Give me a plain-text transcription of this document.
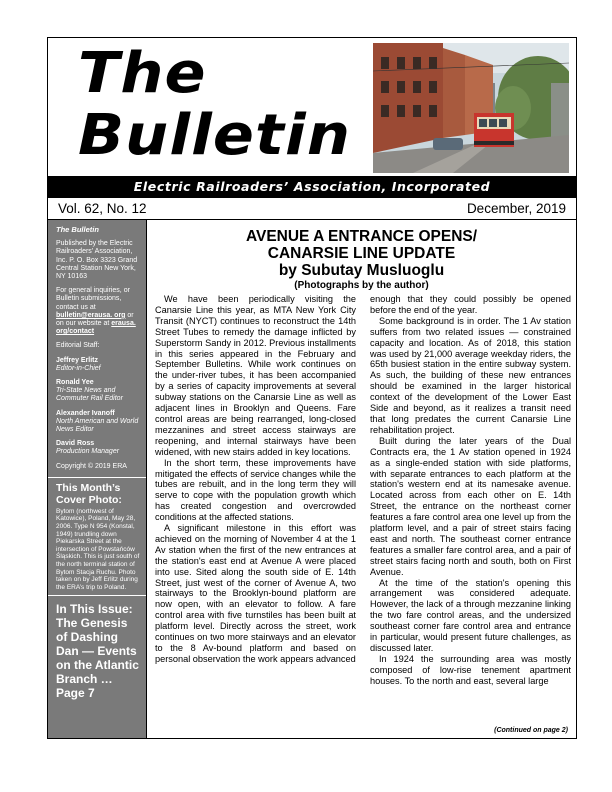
The
Bulletin
Electric Railroaders’ Association, Incorporated
Vol. 62, No. 12	December, 2019
The Bulletin

Published by the Electric Railroaders’ Association, Inc. P. O. Box 3323 Grand Central Station New York, NY 10163

For general inquiries, or Bulletin submissions, contact us at bulletin@erausa. org or on our website at erausa. org/contact

Editorial Staff:

Jeffrey Erlitz
Editor-in-Chief

Ronald Yee
Tri-State News and Commuter Rail Editor

Alexander Ivanoff
North American and World News Editor

David Ross
Production Manager

Copyright © 2019 ERA

This Month’s Cover Photo:
Bytom (northwest of Katowice), Poland, May 28, 2006. Type N 954 (Konstal, 1949) trundling down Piekarska Street at the intersection of Powstańców Śląskich. This is just south of the north terminal station of Bytom Stacja Ruchu. Photo taken on by Jeff Erlitz during the ERA’s trip to Poland.
In This Issue: The Genesis of Dashing Dan — Events on the Atlantic Branch …Page 7
AVENUE A ENTRANCE OPENS/
CANARSIE LINE UPDATE
by Subutay Musluoglu
(Photographs by the author)

We have been periodically visiting the Canarsie Line this year, as MTA New York City Transit (NYCT) continues to reconstruct the 14th Street Tubes to remedy the damage inflicted by Superstorm Sandy in 2012. Previous installments in this series appeared in the February and September Bulletins. While work continues on the under-river tubes, it has been accompanied by a series of capacity improvements at several subway stations on the Canarsie Line as well as adjacent lines in Brooklyn and Queens. Fare control areas are being rearranged, long-closed mezzanines and street access stairways are reopening, and internal stairways have been widened, with new stairs added in key locations.

In the short term, these improvements have mitigated the effects of service changes while the tubes are rebuilt, and in the long term they will serve to cope with the population growth which has created congestion and overcrowded conditions at the affected stations.

A significant milestone in this effort was achieved on the morning of November 4 at the 1 Av station when the first of the new entrances at the station's east end at Avenue A were placed into use. Sited along the south side of E. 14th Street, just west of the corner of Avenue A, two stairways to the Brooklyn-bound platform are now open, with an elevator to follow. A fare control area with five turnstiles has been built at platform level. Directly across the street, work continues on two more stairways and an elevator to the 8 Av-bound platform and based on personal observation the work appears advanced

enough that they could possibly be opened before the end of the year.

Some background is in order. The 1 Av station suffers from two related issues — constrained capacity and location. As of 2018, this station was used by 21,000 average weekday riders, the 65th busiest station in the entire subway system. As such, the building of these new entrances should be examined in the larger historical context of the development of the Lower East Side and beyond, as it realizes a transit need that long predates the current Canarsie Line rehabilitation project.

Built during the later years of the Dual Contracts era, the 1 Av station opened in 1924 as a single-ended station with side platforms, with separate entrances to each platform at the station's western end at its namesake avenue. Located across from each other on E. 14th Street, the entrance on the northeast corner features a fare control area one level up from the platform level, and a pair of street stairs facing east and north. The southeast corner entrance features a smaller fare control area, and a pair of street stairs facing north and south, both on First Avenue.

At the time of the station's opening this arrangement was considered adequate. However, the lack of a through mezzanine linking the two fare control areas, and the undersized southeast corner fare control area and entrance in particular, would present future challenges, as discussed later.

In 1924 the surrounding area was mostly composed of low-rise tenement apartment houses. To the north and east, several large

(Continued on page 2)
